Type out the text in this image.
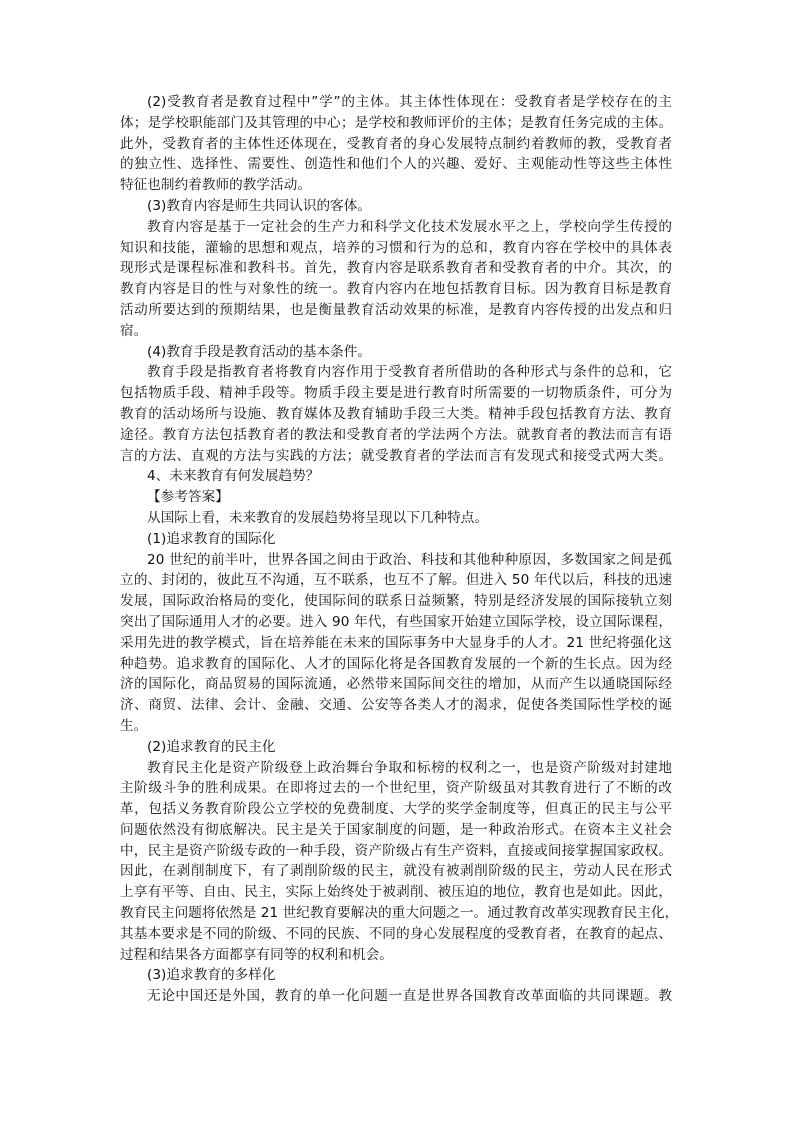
(2)受教育者是教育过程中”学”的主体。其主体性体现在：受教育者是学校存在的主
体；是学校职能部门及其管理的中心；是学校和教师评价的主体；是教育任务完成的主体。
此外，受教育者的主体性还体现在，受教育者的身心发展特点制约着教师的教，受教育者
的独立性、选择性、需要性、创造性和他们个人的兴趣、爱好、主观能动性等这些主体性
特征也制约着教师的教学活动。
(3)教育内容是师生共同认识的客体。
教育内容是基于一定社会的生产力和科学文化技术发展水平之上，学校向学生传授的
知识和技能，灌输的思想和观点，培养的习惯和行为的总和，教育内容在学校中的具体表
现形式是课程标准和教科书。首先，教育内容是联系教育者和受教育者的中介。其次，的
教育内容是目的性与对象性的统一。教育内容内在地包括教育目标。因为教育目标是教育
活动所要达到的预期结果，也是衡量教育活动效果的标准，是教育内容传授的出发点和归
宿。
(4)教育手段是教育活动的基本条件。
教育手段是指教育者将教育内容作用于受教育者所借助的各种形式与条件的总和，它
包括物质手段、精神手段等。物质手段主要是进行教育时所需要的一切物质条件，可分为
教育的活动场所与设施、教育媒体及教育辅助手段三大类。精神手段包括教育方法、教育
途径。教育方法包括教育者的教法和受教育者的学法两个方法。就教育者的教法而言有语
言的方法、直观的方法与实践的方法；就受教育者的学法而言有发现式和接受式两大类。
4、未来教育有何发展趋势？
【参考答案】
从国际上看，未来教育的发展趋势将呈现以下几种特点。
(1)追求教育的国际化
20 世纪的前半叶，世界各国之间由于政治、科技和其他种种原因，多数国家之间是孤
立的、封闭的，彼此互不沟通，互不联系，也互不了解。但进入 50 年代以后，科技的迅速
发展，国际政治格局的变化，使国际间的联系日益频繁，特别是经济发展的国际接轨立刻
突出了国际通用人才的必要。进入 90 年代，有些国家开始建立国际学校，设立国际课程，
采用先进的教学模式，旨在培养能在未来的国际事务中大显身手的人才。21 世纪将强化这
种趋势。追求教育的国际化、人才的国际化将是各国教育发展的一个新的生长点。因为经
济的国际化，商品贸易的国际流通，必然带来国际间交往的增加，从而产生以通晓国际经
济、商贸、法律、会计、金融、交通、公安等各类人才的渴求，促使各类国际性学校的诞
生。
(2)追求教育的民主化
教育民主化是资产阶级登上政治舞台争取和标榜的权利之一，也是资产阶级对封建地
主阶级斗争的胜利成果。在即将过去的一个世纪里，资产阶级虽对其教育进行了不断的改
革，包括义务教育阶段公立学校的免费制度、大学的奖学金制度等，但真正的民主与公平
问题依然没有彻底解决。民主是关于国家制度的问题，是一种政治形式。在资本主义社会
中，民主是资产阶级专政的一种手段，资产阶级占有生产资料，直接或间接掌握国家政权。
因此，在剥削制度下，有了剥削阶级的民主，就没有被剥削阶级的民主，劳动人民在形式
上享有平等、自由、民主，实际上始终处于被剥削、被压迫的地位，教育也是如此。因此，
教育民主问题将依然是 21 世纪教育要解决的重大问题之一。通过教育改革实现教育民主化，
其基本要求是不同的阶级、不同的民族、不同的身心发展程度的受教育者，在教育的起点、
过程和结果各方面都享有同等的权利和机会。
(3)追求教育的多样化
无论中国还是外国，教育的单一化问题一直是世界各国教育改革面临的共同课题。教
